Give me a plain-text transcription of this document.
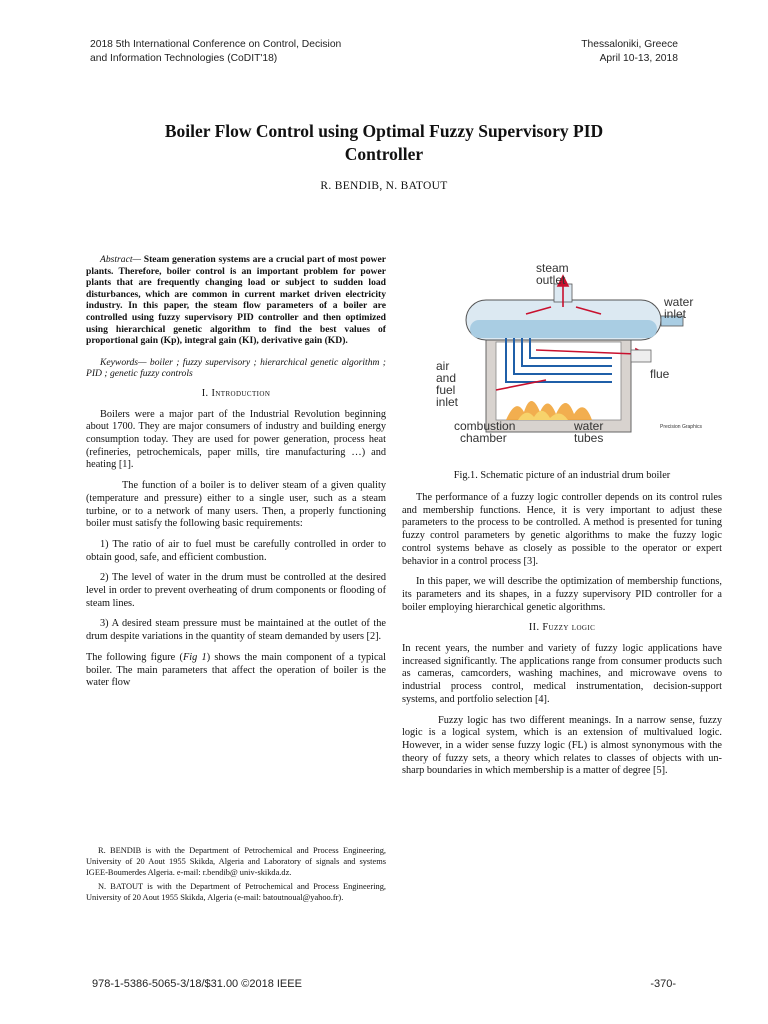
2018 5th International Conference on Control, Decision
and Information Technologies (CoDIT'18)
Thessaloniki, Greece
April 10-13, 2018
Boiler Flow Control using Optimal Fuzzy Supervisory PID
Controller
R. BENDIB, N. BATOUT

Abstract— Steam generation systems are a crucial part of most power plants. Therefore, boiler control is an important problem for power plants that are frequently changing load or subject to sudden load disturbances, which are common in current market driven electricity industry. In this paper, the steam flow parameters of a boiler are controlled using fuzzy supervisory PID controller and then optimized using hierarchical genetic algorithm to find the best values of proportional gain (Kp), integral gain (KI), derivative gain (KD).

Keywords— boiler ; fuzzy supervisory ; hierarchical genetic algorithm ; PID ; genetic fuzzy controls

I. Introduction

Boilers were a major part of the Industrial Revolution beginning about 1700. They are major consumers of industry and building energy consumption today. They are used for power generation, process heat (refineries, petrochemicals, paper mills, tire manufacturing …) and heating [1].

The function of a boiler is to deliver steam of a given quality (temperature and pressure) either to a single user, such as a steam turbine, or to a network of many users. Then, a properly functioning boiler must satisfy the following basic requirements:

1) The ratio of air to fuel must be carefully controlled in order to obtain good, safe, and efficient combustion.

2) The level of water in the drum must be controlled at the desired level in order to prevent overheating of drum components or flooding of steam lines.

3) A desired steam pressure must be maintained at the outlet of the drum despite variations in the quantity of steam demanded by users [2].

The following figure (Fig 1) shows the main component of a typical boiler. The main parameters that affect the operation of boiler is the water flow

R. BENDIB is with the Department of Petrochemical and Process Engineering, University of 20 Aout 1955 Skikda, Algeria and Laboratory of signals and systems IGEE-Boumerdes Algeria. e-mail: r.bendib@ univ-skikda.dz.

N. BATOUT is with the Department of Petrochemical and Process Engineering, University of 20 Aout 1955 Skikda, Algeria (e-mail: batoutnoual@yahoo.fr).

steam
outlet
water
inlet
flue
air
and
fuel
inlet
combustion
chamber
water
tubes
Precision Graphics
Fig.1. Schematic picture of an industrial drum boiler

The performance of a fuzzy logic controller depends on its control rules and membership functions. Hence, it is very important to adjust these parameters to the process to be controlled. A method is presented for tuning fuzzy control parameters by genetic algorithms to make the fuzzy logic control systems behave as closely as possible to the operator or expert behavior in a control process [3].

In this paper, we will describe the optimization of membership functions, its parameters and its shapes, in a fuzzy supervisory PID controller for a boiler employing hierarchical genetic algorithms.

II. Fuzzy logic

In recent years, the number and variety of fuzzy logic applications have increased significantly. The applications range from consumer products such as cameras, camcorders, washing machines, and microwave ovens to industrial process control, medical instrumentation, decision-support systems, and portfolio selection [4].

Fuzzy logic has two different meanings. In a narrow sense, fuzzy logic is a logical system, which is an extension of multivalued logic. However, in a wider sense fuzzy logic (FL) is almost synonymous with the theory of fuzzy sets, a theory which relates to classes of objects with un-sharp boundaries in which membership is a matter of degree [5].

978-1-5386-5065-3/18/$31.00 ©2018 IEEE	-370-
